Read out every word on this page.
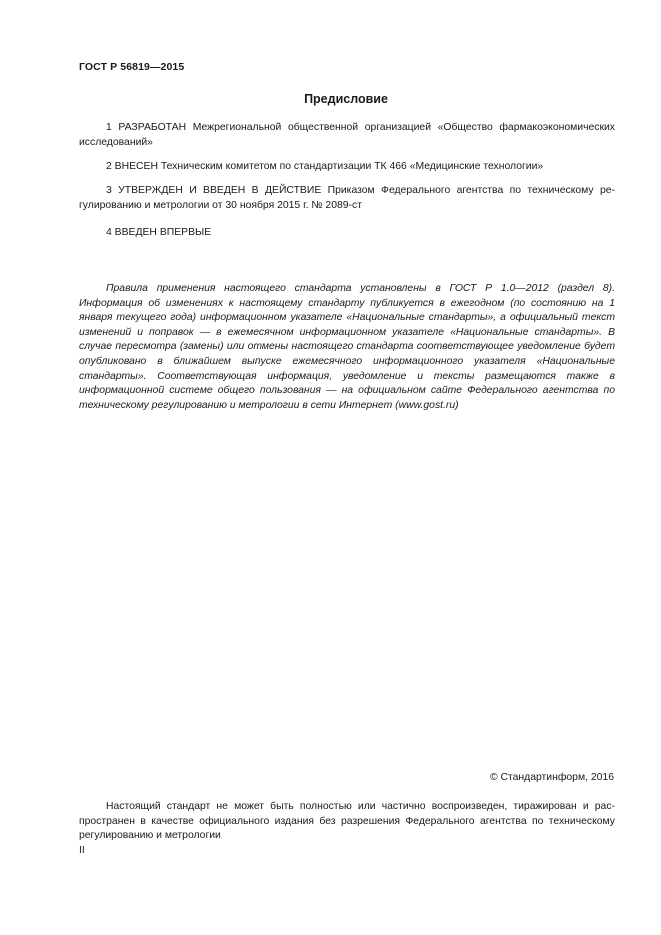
ГОСТ Р 56819—2015
Предисловие
1 РАЗРАБОТАН Межрегиональной общественной организацией «Общество фармакоэкономических исследований»
2 ВНЕСЕН Техническим комитетом по стандартизации ТК 466 «Медицинские технологии»
3 УТВЕРЖДЕН И ВВЕДЕН В ДЕЙСТВИЕ Приказом Федерального агентства по техническому регулированию и метрологии от 30 ноября 2015 г. № 2089-ст
4 ВВЕДЕН ВПЕРВЫЕ
Правила применения настоящего стандарта установлены в ГОСТ Р 1.0—2012 (раздел 8). Информация об изменениях к настоящему стандарту публикуется в ежегодном (по состоянию на 1 января текущего года) информационном указателе «Национальные стандарты», а официальный текст изменений и поправок — в ежемесячном информационном указателе «Национальные стандарты». В случае пересмотра (замены) или отмены настоящего стандарта соответствующее уведомление будет опубликовано в ближайшем выпуске ежемесячного информационного указателя «Национальные стандарты». Соответствующая информация, уведомление и тексты размещаются также в информационной системе общего пользования — на официальном сайте Федерального агентства по техническому регулированию и метрологии в сети Интернет (www.gost.ru)
© Стандартинформ, 2016
Настоящий стандарт не может быть полностью или частично воспроизведен, тиражирован и распространен в качестве официального издания без разрешения Федерального агентства по техническому регулированию и метрологии
II
